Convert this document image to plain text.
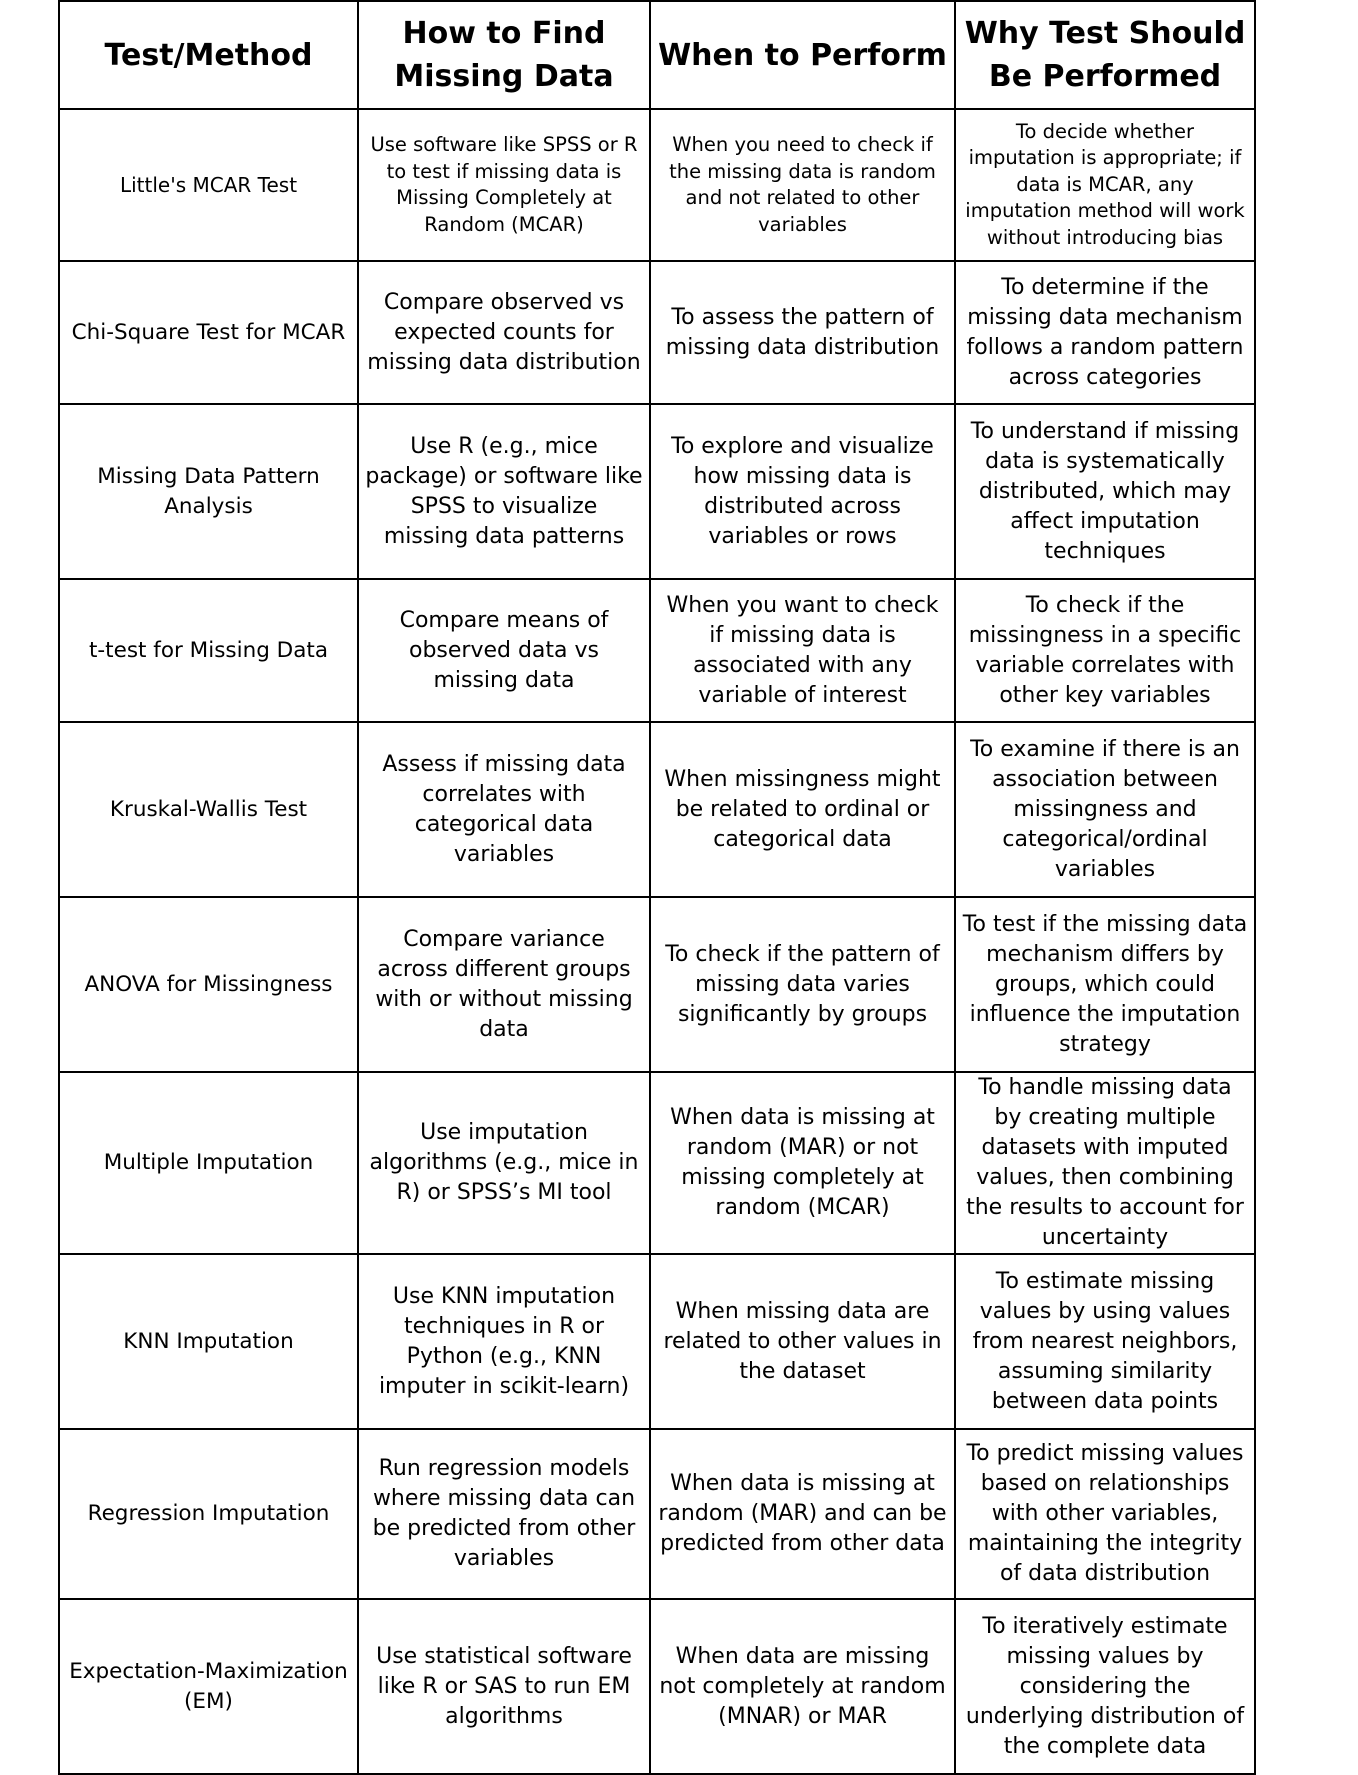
Test/Method	How to Find Missing Data	When to Perform	Why Test Should Be Performed
Little's MCAR Test	Use software like SPSS or R to test if missing data is Missing Completely at Random (MCAR)	When you need to check if the missing data is random and not related to other variables	To decide whether imputation is appropriate; if data is MCAR, any imputation method will work without introducing bias
Chi-Square Test for MCAR	Compare observed vs expected counts for missing data distribution	To assess the pattern of missing data distribution	To determine if the missing data mechanism follows a random pattern across categories
Missing Data Pattern Analysis	Use R (e.g., mice package) or software like SPSS to visualize missing data patterns	To explore and visualize how missing data is distributed across variables or rows	To understand if missing data is systematically distributed, which may affect imputation techniques
t-test for Missing Data	Compare means of observed data vs missing data	When you want to check if missing data is associated with any variable of interest	To check if the missingness in a specific variable correlates with other key variables
Kruskal-Wallis Test	Assess if missing data correlates with categorical data variables	When missingness might be related to ordinal or categorical data	To examine if there is an association between missingness and categorical/ordinal variables
ANOVA for Missingness	Compare variance across different groups with or without missing data	To check if the pattern of missing data varies significantly by groups	To test if the missing data mechanism differs by groups, which could influence the imputation strategy
Multiple Imputation	Use imputation algorithms (e.g., mice in R) or SPSS’s MI tool	When data is missing at random (MAR) or not missing completely at random (MCAR)	To handle missing data by creating multiple datasets with imputed values, then combining the results to account for uncertainty
KNN Imputation	Use KNN imputation techniques in R or Python (e.g., KNN imputer in scikit-learn)	When missing data are related to other values in the dataset	To estimate missing values by using values from nearest neighbors, assuming similarity between data points
Regression Imputation	Run regression models where missing data can be predicted from other variables	When data is missing at random (MAR) and can be predicted from other data	To predict missing values based on relationships with other variables, maintaining the integrity of data distribution
Expectation-Maximization (EM)	Use statistical software like R or SAS to run EM algorithms	When data are missing not completely at random (MNAR) or MAR	To iteratively estimate missing values by considering the underlying distribution of the complete data
